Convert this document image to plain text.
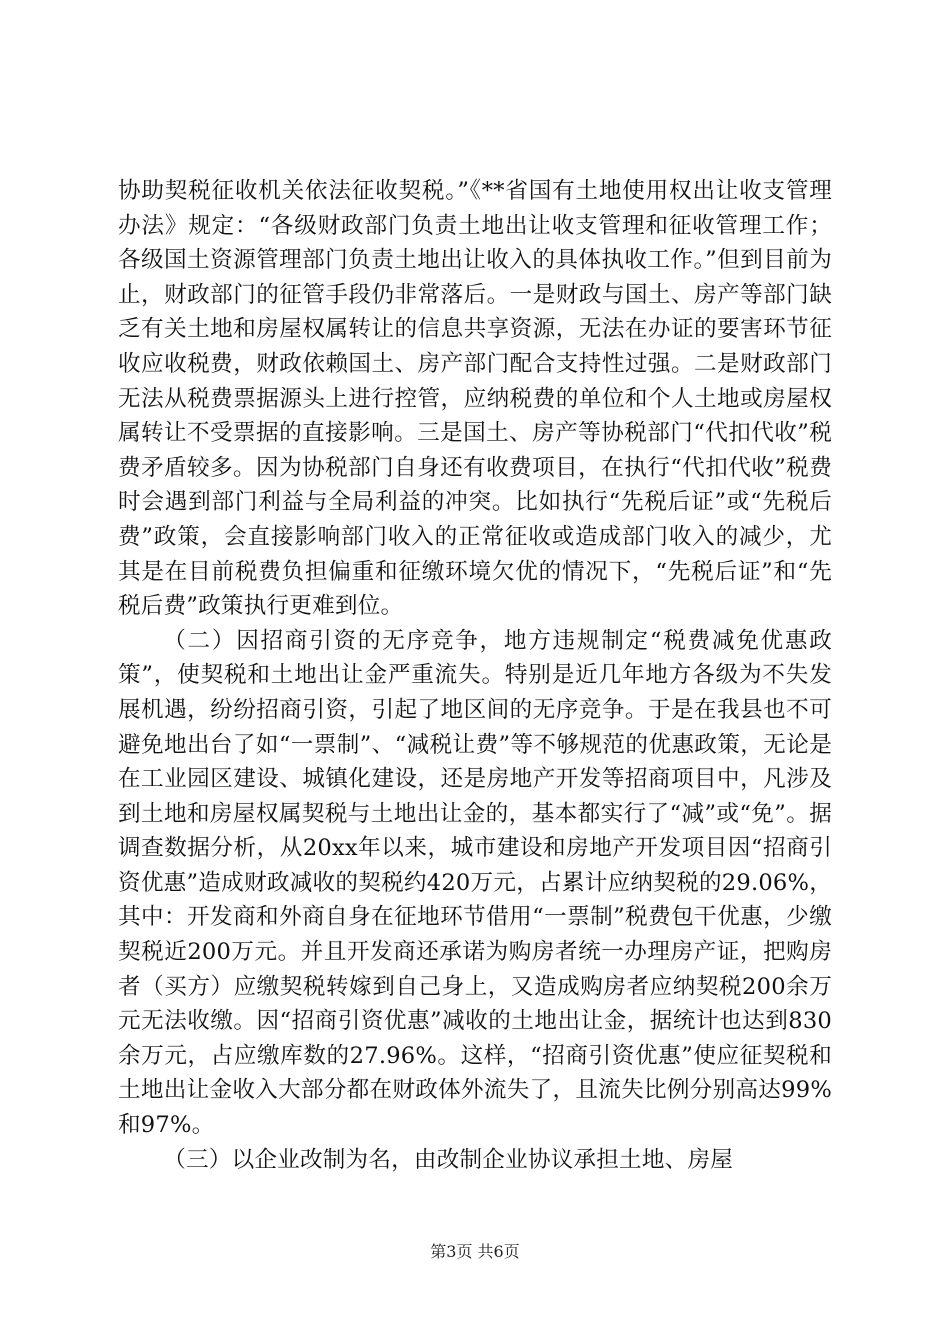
协助契税征收机关依法征收契税。”《**省国有土地使用权出让收支管理办法》规定：“各级财政部门负责土地出让收支管理和征收管理工作；各级国土资源管理部门负责土地出让收入的具体执收工作。”但到目前为止，财政部门的征管手段仍非常落后。一是财政与国土、房产等部门缺乏有关土地和房屋权属转让的信息共享资源，无法在办证的要害环节征收应收税费，财政依赖国土、房产部门配合支持性过强。二是财政部门无法从税费票据源头上进行控管，应纳税费的单位和个人土地或房屋权属转让不受票据的直接影响。三是国土、房产等协税部门“代扣代收”税费矛盾较多。因为协税部门自身还有收费项目，在执行“代扣代收”税费时会遇到部门利益与全局利益的冲突。比如执行“先税后证”或“先税后费”政策，会直接影响部门收入的正常征收或造成部门收入的减少，尤其是在目前税费负担偏重和征缴环境欠优的情况下，“先税后证”和“先税后费”政策执行更难到位。

（二）因招商引资的无序竞争，地方违规制定“税费减免优惠政策”，使契税和土地出让金严重流失。特别是近几年地方各级为不失发展机遇，纷纷招商引资，引起了地区间的无序竞争。于是在我县也不可避免地出台了如“一票制”、“减税让费”等不够规范的优惠政策，无论是在工业园区建设、城镇化建设，还是房地产开发等招商项目中，凡涉及到土地和房屋权属契税与土地出让金的，基本都实行了“减”或“免”。据调查数据分析，从20xx年以来，城市建设和房地产开发项目因“招商引资优惠”造成财政减收的契税约420万元，占累计应纳契税的29.06%，其中：开发商和外商自身在征地环节借用“一票制”税费包干优惠，少缴契税近200万元。并且开发商还承诺为购房者统一办理房产证，把购房者（买方）应缴契税转嫁到自己身上，又造成购房者应纳契税200余万元无法收缴。因“招商引资优惠”减收的土地出让金，据统计也达到830余万元，占应缴库数的27.96%。这样，“招商引资优惠”使应征契税和土地出让金收入大部分都在财政体外流失了，且流失比例分别高达99%和97%。

（三）以企业改制为名，由改制企业协议承担土地、房屋

第3页 共6页
